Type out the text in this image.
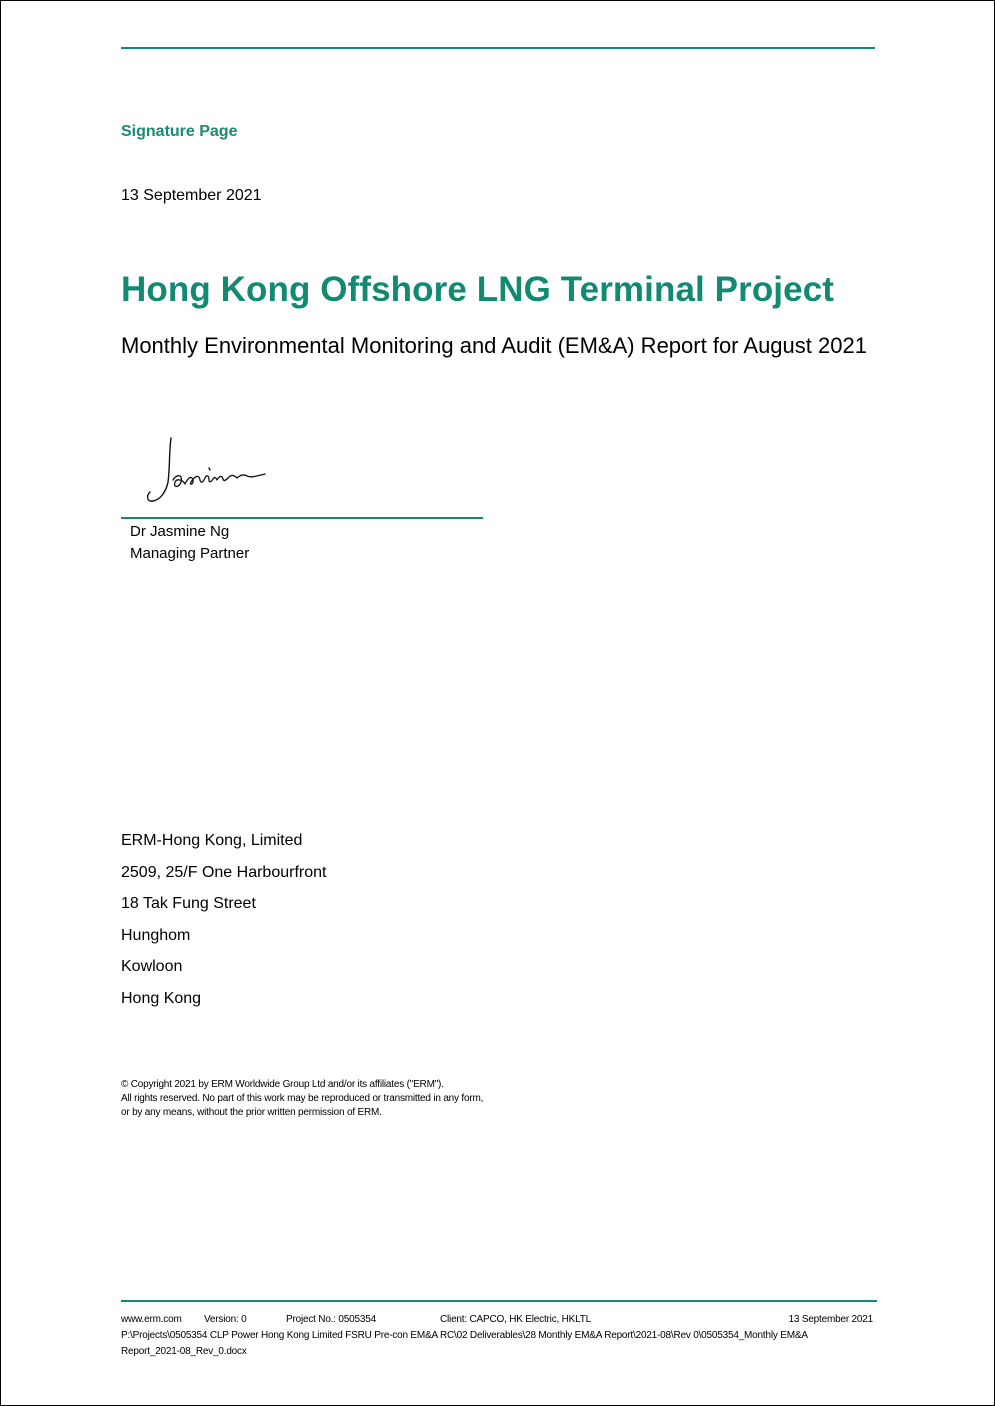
Signature Page
13 September 2021
Hong Kong Offshore LNG Terminal Project
Monthly Environmental Monitoring and Audit (EM&A) Report for August 2021
Dr Jasmine Ng
Managing Partner
ERM-Hong Kong, Limited
2509, 25/F One Harbourfront
18 Tak Fung Street
Hunghom
Kowloon
Hong Kong
© Copyright 2021 by ERM Worldwide Group Ltd and/or its affiliates ("ERM").
All rights reserved. No part of this work may be reproduced or transmitted in any form,
or by any means, without the prior written permission of ERM.
www.erm.com Version: 0	Project No.: 0505354	Client: CAPCO, HK Electric, HKLTL	13 September 2021
P:\Projects\0505354 CLP Power Hong Kong Limited FSRU Pre-con EM&A RC\02 Deliverables\28 Monthly EM&A Report\2021-08\Rev 0\0505354_Monthly EM&A Report_2021-08_Rev_0.docx
